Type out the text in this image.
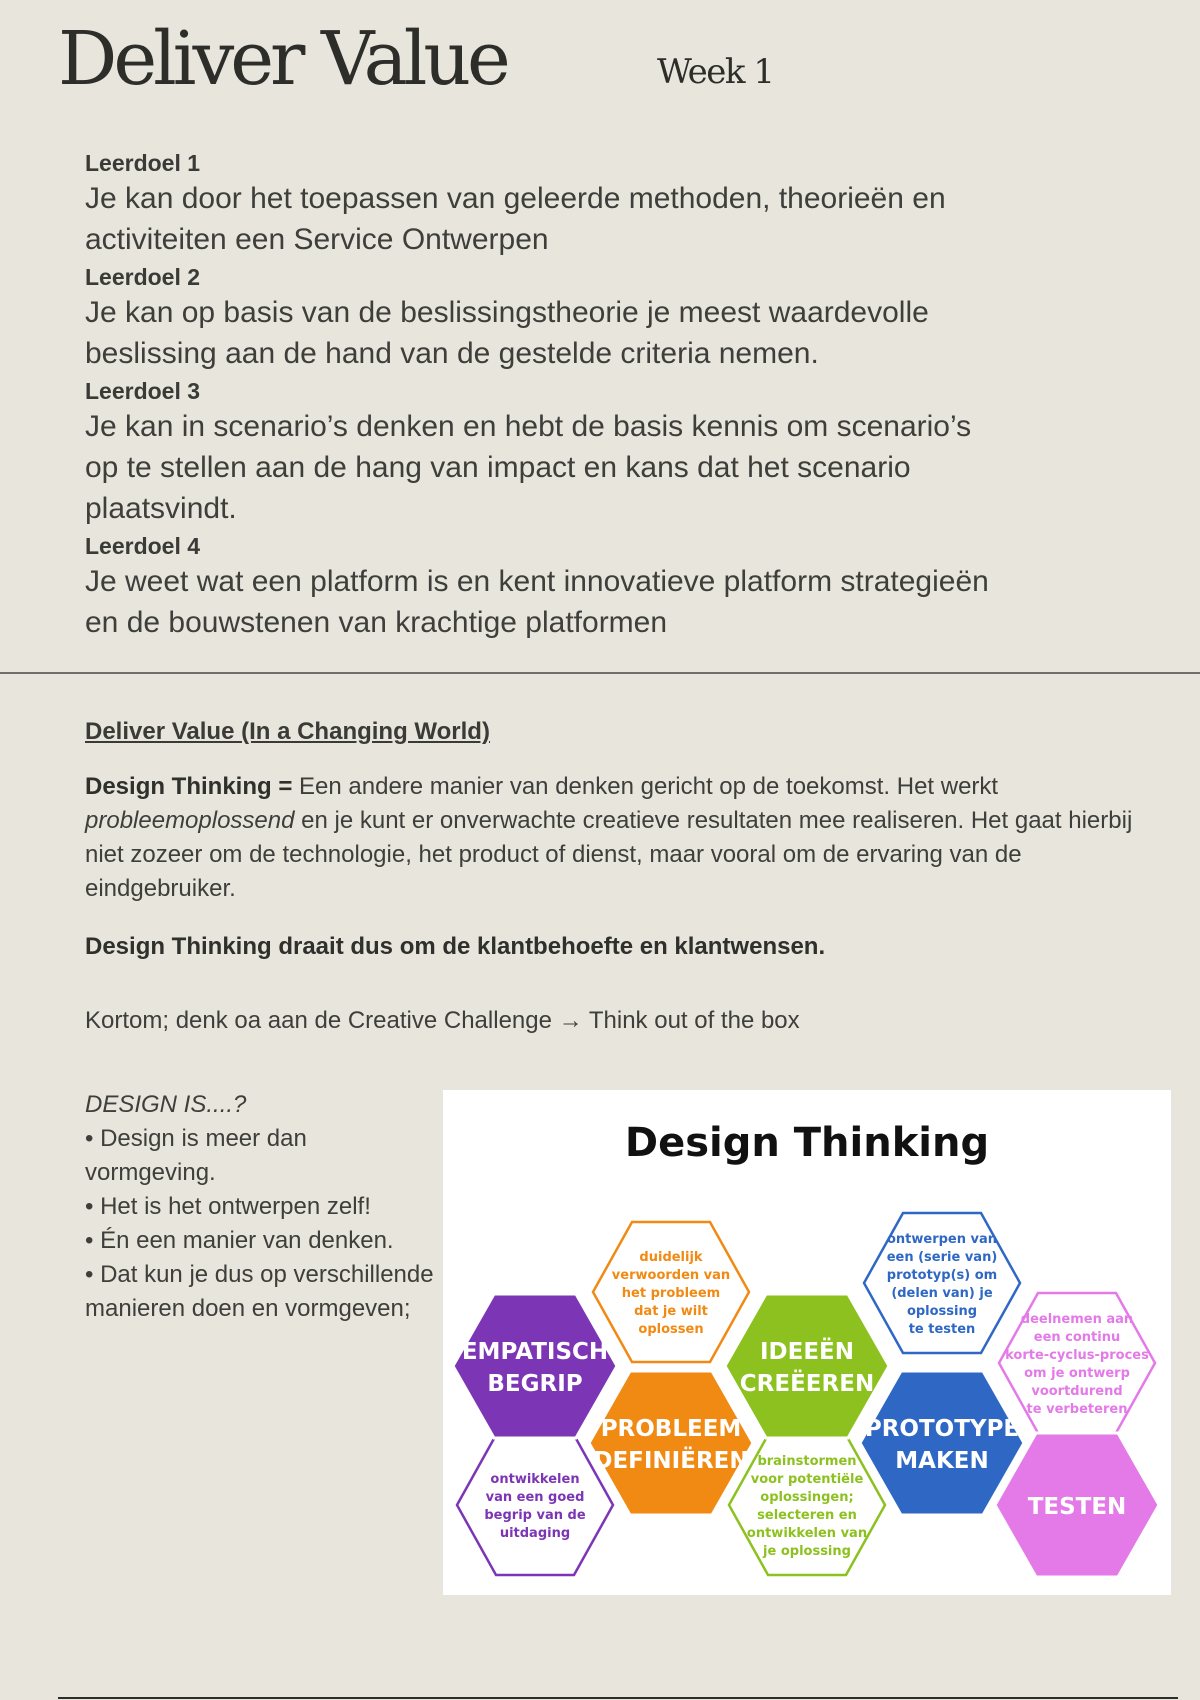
Deliver Value	Week 1

Leerdoel 1

Je kan door het toepassen van geleerde methoden, theorieën en
activiteiten een Service Ontwerpen

Leerdoel 2

Je kan op basis van de beslissingstheorie je meest waardevolle
beslissing aan de hand van de gestelde criteria nemen.

Leerdoel 3

Je kan in scenario’s denken en hebt de basis kennis om scenario’s
op te stellen aan de hang van impact en kans dat het scenario
plaatsvindt.

Leerdoel 4

Je weet wat een platform is en kent innovatieve platform strategieën
en de bouwstenen van krachtige platformen

Deliver Value (In a Changing World)
Design Thinking = Een andere manier van denken gericht op de toekomst. Het werkt probleemoplossend en je kunt er onverwachte creatieve resultaten mee realiseren. Het gaat hierbij niet zozeer om de technologie, het product of dienst, maar vooral om de ervaring van de eindgebruiker.
Design Thinking draait dus om de klantbehoefte en klantwensen.
Kortom; denk oa aan de Creative Challenge → Think out of the box
DESIGN IS....?
• Design is meer dan vormgeving.
• Het is het ontwerpen zelf!
• Én een manier van denken.
• Dat kun je dus op verschillende manieren doen en vormgeven;
Design Thinking
ontwikkelen
van een goed
begrip van de
uitdaging
duidelijk
verwoorden van
het probleem
dat je wilt
oplossen
brainstormen
voor potentiële
oplossingen;
selecteren en
ontwikkelen van
je oplossing
ontwerpen van
een (serie van)
prototyp(s) om
(delen van) je
oplossing
te testen
deelnemen aan
een continu
korte-cyclus-proces
om je ontwerp
voortdurend
te verbeteren
EMPATISCH
BEGRIP
PROBLEEM
DEFINIËREN
IDEEËN
CREËEREN
PROTOTYPE
MAKEN
TESTEN
